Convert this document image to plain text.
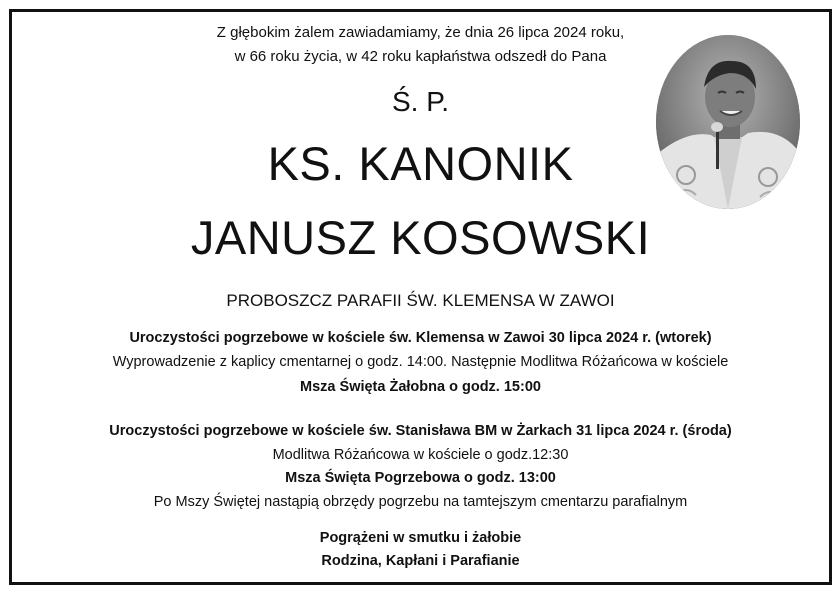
Z głębokim żalem zawiadamiamy, że dnia 26 lipca 2024 roku,
w 66 roku życia, w 42 roku kapłaństwa odszedł do Pana
Ś. P.
KS. KANONIK
JANUSZ KOSOWSKI
PROBOSZCZ PARAFII ŚW. KLEMENSA W ZAWOI
Uroczystości pogrzebowe w kościele św. Klemensa w Zawoi 30 lipca 2024 r. (wtorek)
Wyprowadzenie z kaplicy cmentarnej o godz. 14:00. Następnie Modlitwa Różańcowa w kościele
Msza Święta Żałobna o godz. 15:00
Uroczystości pogrzebowe w kościele św. Stanisława BM w Żarkach 31 lipca 2024 r. (środa)
Modlitwa Różańcowa w kościele o godz.12:30
Msza Święta Pogrzebowa o godz. 13:00
Po Mszy Świętej nastąpią obrzędy pogrzebu na tamtejszym cmentarzu parafialnym
Pogrążeni w smutku i żałobie
Rodzina, Kapłani i Parafianie
